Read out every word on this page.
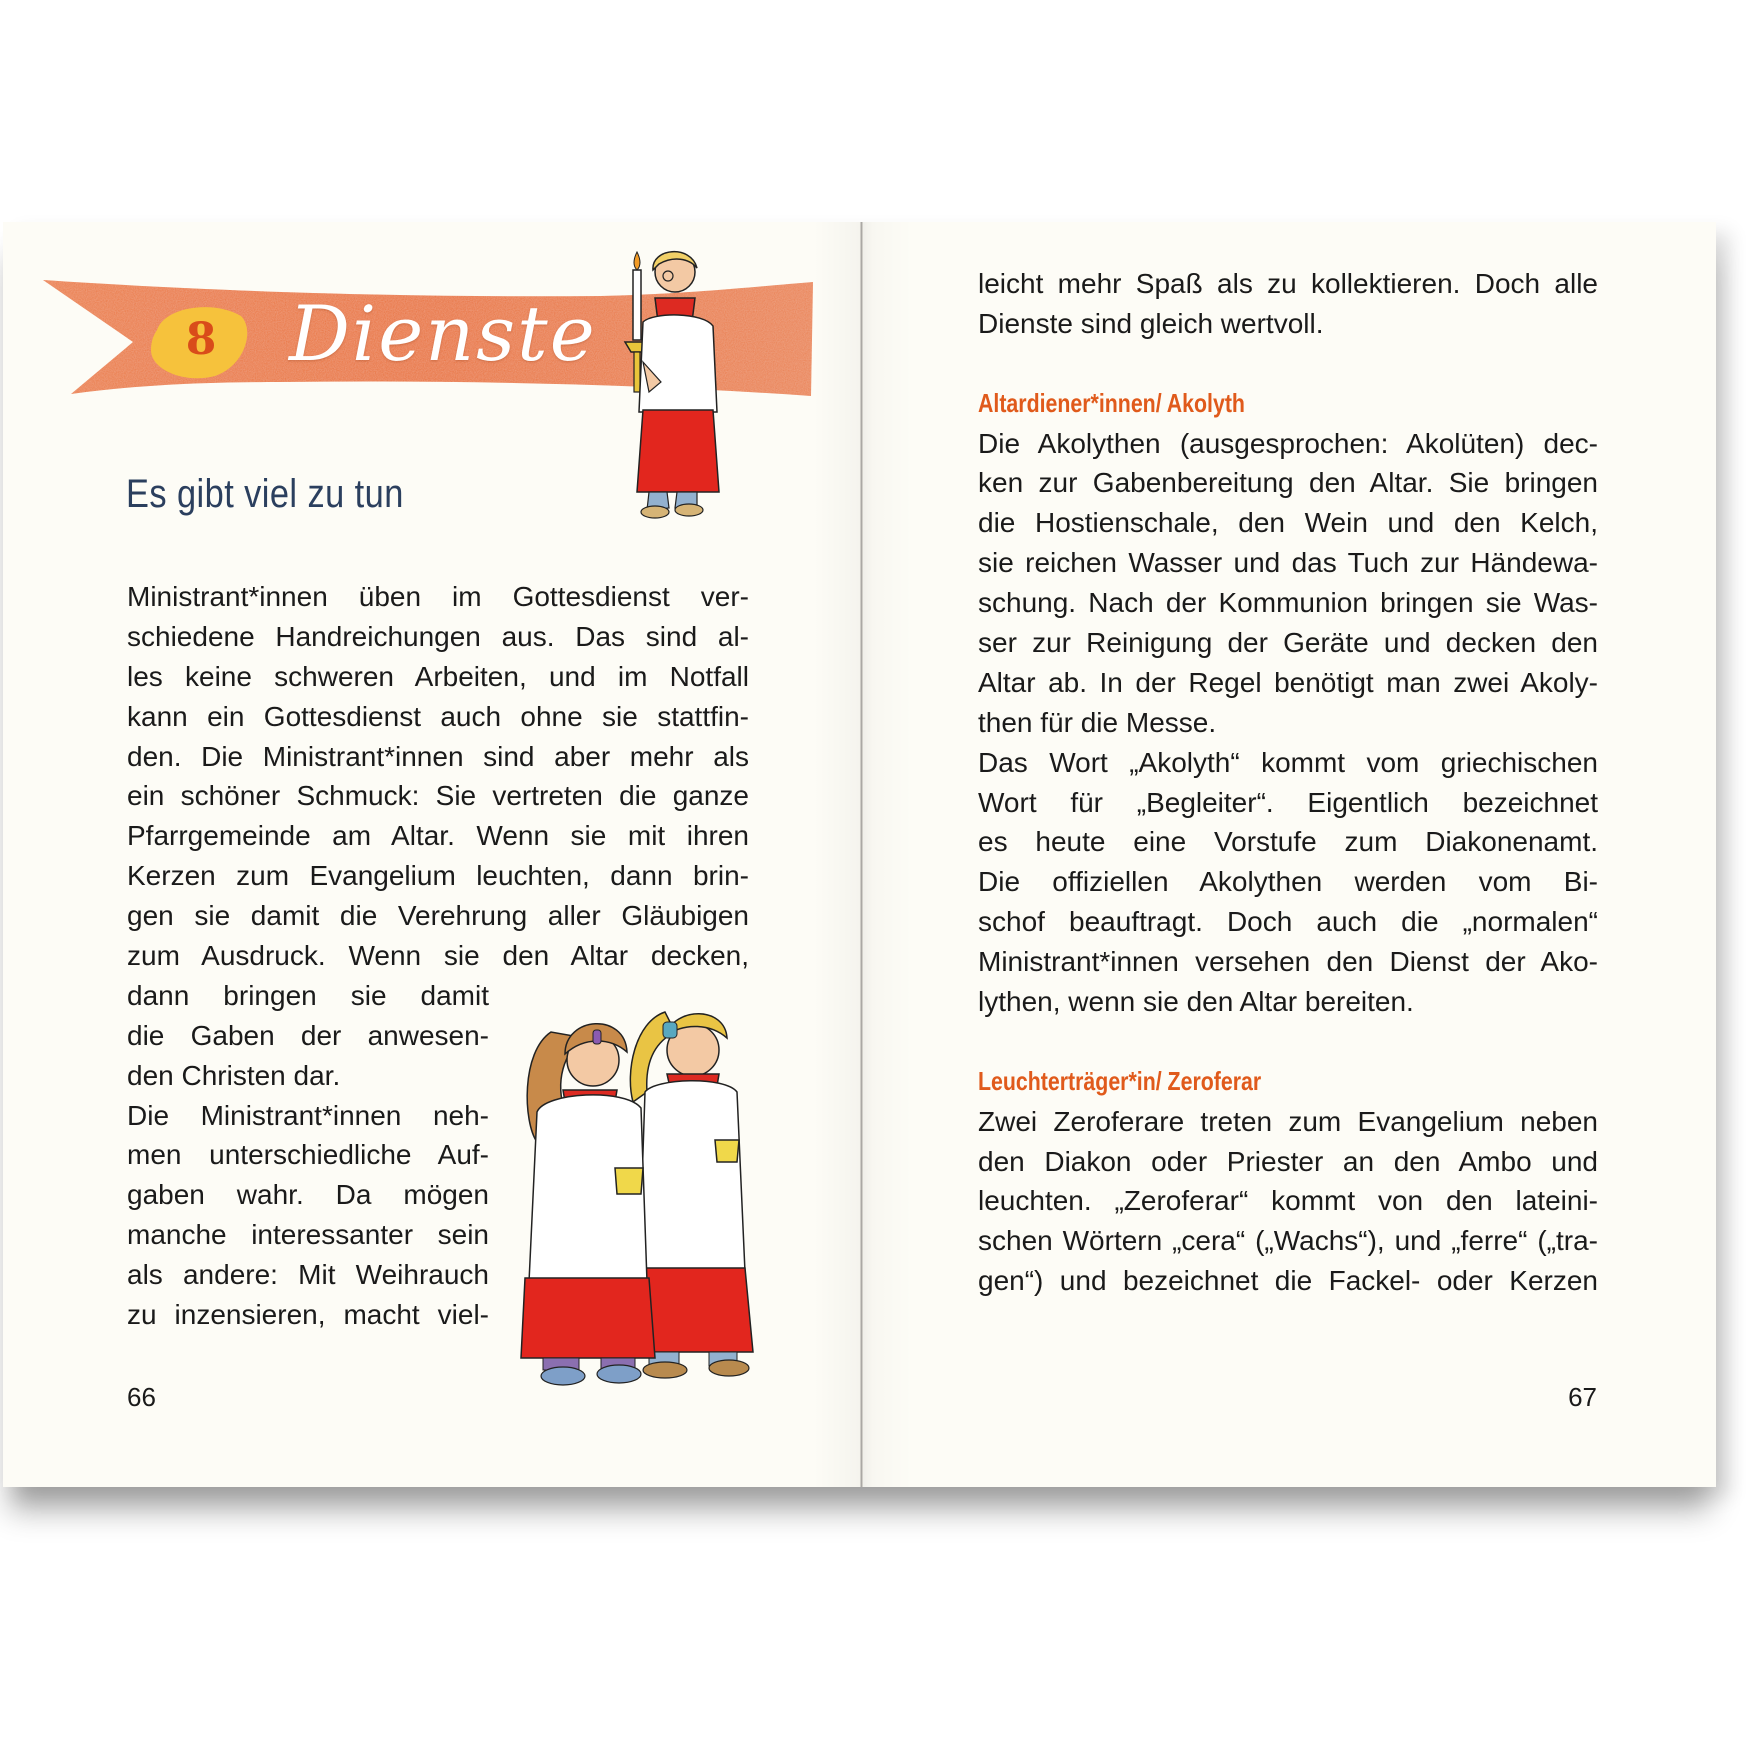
8 Dienste
Es gibt viel zu tun
Ministrant*innen üben im Gottesdienst ver-
schiedene Handreichungen aus. Das sind al-
les keine schweren Arbeiten, und im Notfall
kann ein Gottesdienst auch ohne sie stattfin-
den. Die Ministrant*innen sind aber mehr als
ein schöner Schmuck: Sie vertreten die ganze
Pfarrgemeinde am Altar. Wenn sie mit ihren
Kerzen zum Evangelium leuchten, dann brin-
gen sie damit die Verehrung aller Gläubigen
zum Ausdruck. Wenn sie den Altar decken,
dann bringen sie damit
die Gaben der anwesen-
den Christen dar.
Die Ministrant*innen neh-
men unterschiedliche Auf-
gaben wahr. Da mögen
manche interessanter sein
als andere: Mit Weihrauch
zu inzensieren, macht viel-
66
leicht mehr Spaß als zu kollektieren. Doch alle
Dienste sind gleich wertvoll.
Altardiener*innen/ Akolyth
Die Akolythen (ausgesprochen: Akolüten) dec-
ken zur Gabenbereitung den Altar. Sie bringen
die Hostienschale, den Wein und den Kelch,
sie reichen Wasser und das Tuch zur Händewa-
schung. Nach der Kommunion bringen sie Was-
ser zur Reinigung der Geräte und decken den
Altar ab. In der Regel benötigt man zwei Akoly-
then für die Messe.
Das Wort „Akolyth“ kommt vom griechischen
Wort für „Begleiter“. Eigentlich bezeichnet
es heute eine Vorstufe zum Diakonenamt.
Die offiziellen Akolythen werden vom Bi-
schof beauftragt. Doch auch die „normalen“
Ministrant*innen versehen den Dienst der Ako-
lythen, wenn sie den Altar bereiten.
Leuchterträger*in/ Zeroferar
Zwei Zeroferare treten zum Evangelium neben
den Diakon oder Priester an den Ambo und
leuchten. „Zeroferar“ kommt von den lateini-
schen Wörtern „cera“ („Wachs“), und „ferre“ („tra-
gen“) und bezeichnet die Fackel- oder Kerzen
67
